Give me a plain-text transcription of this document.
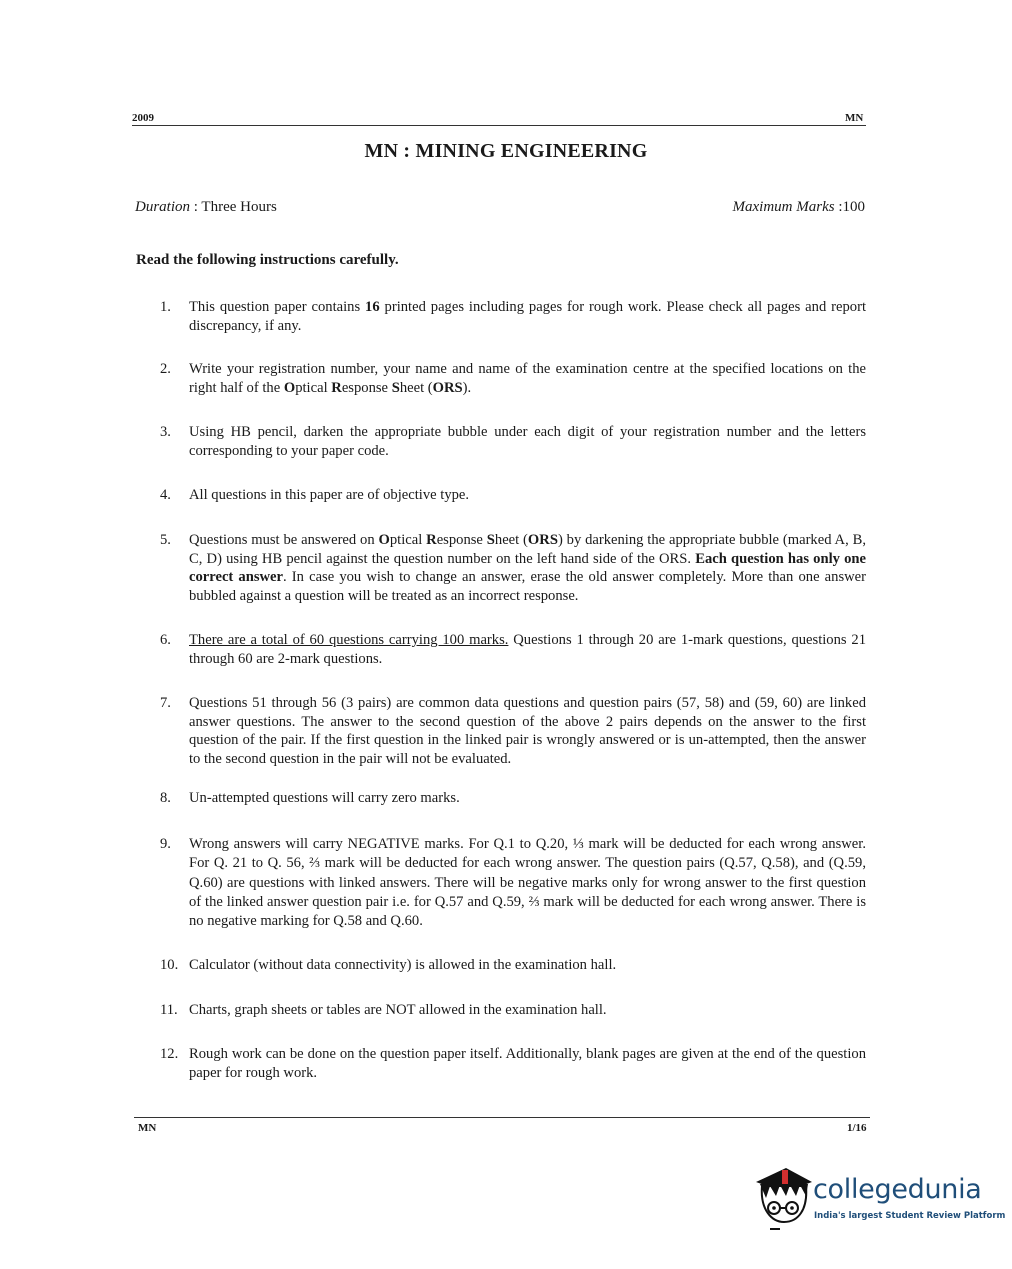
2009	MN
MN : MINING ENGINEERING
Duration : Three Hours	Maximum Marks :100
Read the following instructions carefully.
1.	This question paper contains 16 printed pages including pages for rough work. Please check all pages and report discrepancy, if any.
2.	Write your registration number, your name and name of the examination centre at the specified locations on the right half of the Optical Response Sheet (ORS).
3.	Using HB pencil, darken the appropriate bubble under each digit of your registration number and the letters corresponding to your paper code.
4.	All questions in this paper are of objective type.
5.	Questions must be answered on Optical Response Sheet (ORS) by darkening the appropriate bubble (marked A, B, C, D) using HB pencil against the question number on the left hand side of the ORS. Each question has only one correct answer. In case you wish to change an answer, erase the old answer completely. More than one answer bubbled against a question will be treated as an incorrect response.
6.	There are a total of 60 questions carrying 100 marks. Questions 1 through 20 are 1-mark questions, questions 21 through 60 are 2-mark questions.
7.	Questions 51 through 56 (3 pairs) are common data questions and question pairs (57, 58) and (59, 60) are linked answer questions. The answer to the second question of the above 2 pairs depends on the answer to the first question of the pair. If the first question in the linked pair is wrongly answered or is un-attempted, then the answer to the second question in the pair will not be evaluated.
8.	Un-attempted questions will carry zero marks.
9.	Wrong answers will carry NEGATIVE marks. For Q.1 to Q.20, ⅓ mark will be deducted for each wrong answer. For Q. 21 to Q. 56, ⅔ mark will be deducted for each wrong answer. The question pairs (Q.57, Q.58), and (Q.59, Q.60) are questions with linked answers. There will be negative marks only for wrong answer to the first question of the linked answer question pair i.e. for Q.57 and Q.59, ⅔ mark will be deducted for each wrong answer. There is no negative marking for Q.58 and Q.60.
10. Calculator (without data connectivity) is allowed in the examination hall.
11. Charts, graph sheets or tables are NOT allowed in the examination hall.
12. Rough work can be done on the question paper itself. Additionally, blank pages are given at the end of the question paper for rough work.
MN	1/16
collegedunia
India's largest Student Review Platform
